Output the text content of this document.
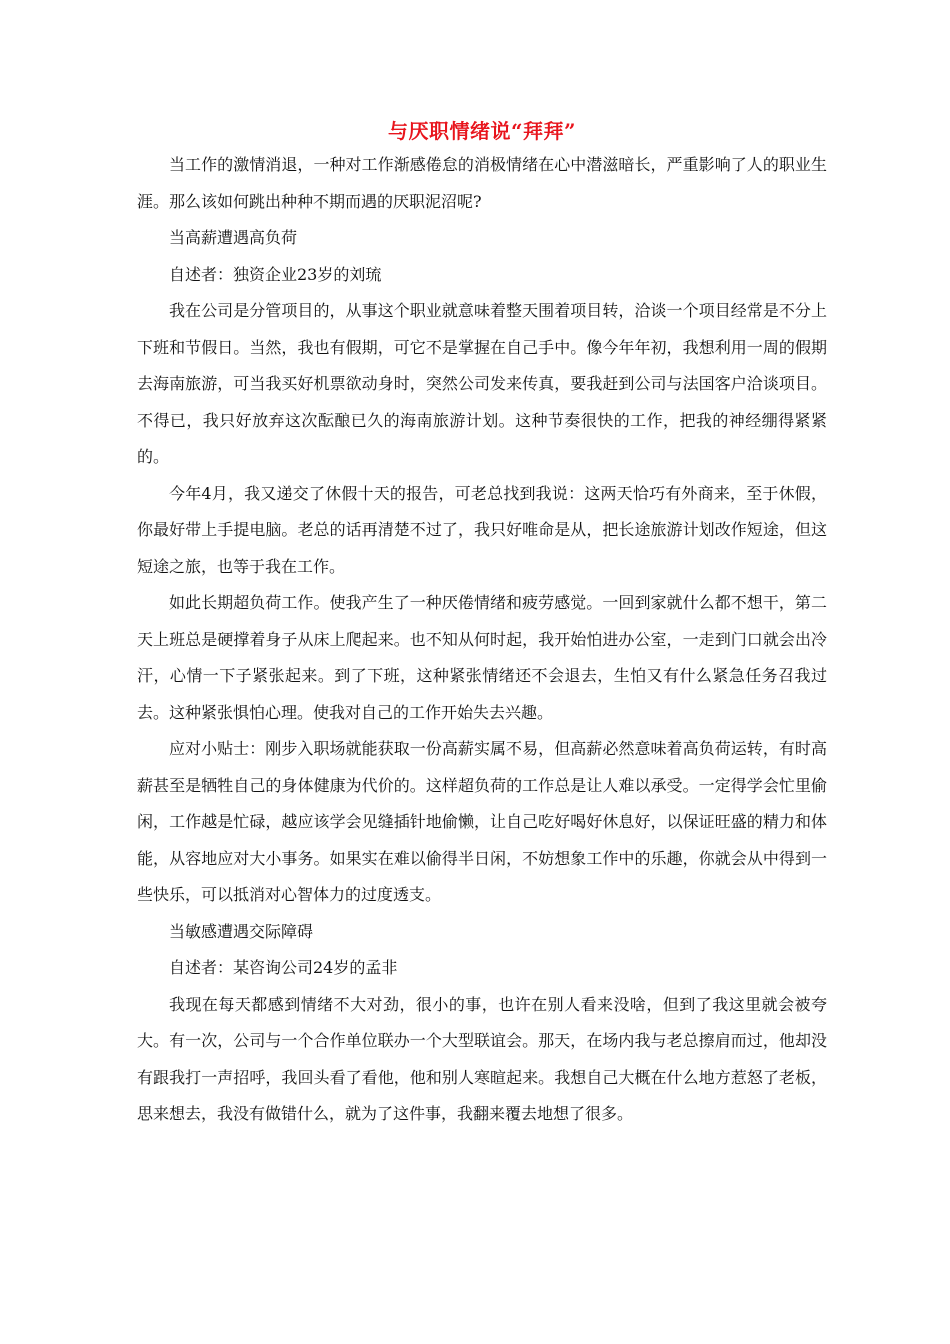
与厌职情绪说“拜拜”

当工作的激情消退，一种对工作渐感倦怠的消极情绪在心中潜滋暗长，严重影响了人的职业生涯。那么该如何跳出种种不期而遇的厌职泥沼呢?

当高薪遭遇高负荷

自述者：独资企业23岁的刘琉

我在公司是分管项目的，从事这个职业就意味着整天围着项目转，洽谈一个项目经常是不分上下班和节假日。当然，我也有假期，可它不是掌握在自己手中。像今年年初，我想利用一周的假期去海南旅游，可当我买好机票欲动身时，突然公司发来传真，要我赶到公司与法国客户洽谈项目。不得已，我只好放弃这次酝酿已久的海南旅游计划。这种节奏很快的工作，把我的神经绷得紧紧的。

今年4月，我又递交了休假十天的报告，可老总找到我说：这两天恰巧有外商来，至于休假，你最好带上手提电脑。老总的话再清楚不过了，我只好唯命是从，把长途旅游计划改作短途，但这短途之旅，也等于我在工作。

如此长期超负荷工作。使我产生了一种厌倦情绪和疲劳感觉。一回到家就什么都不想干，第二天上班总是硬撑着身子从床上爬起来。也不知从何时起，我开始怕进办公室，一走到门口就会出冷汗，心情一下子紧张起来。到了下班，这种紧张情绪还不会退去，生怕又有什么紧急任务召我过去。这种紧张惧怕心理。使我对自己的工作开始失去兴趣。

应对小贴士：刚步入职场就能获取一份高薪实属不易，但高薪必然意味着高负荷运转，有时高薪甚至是牺牲自己的身体健康为代价的。这样超负荷的工作总是让人难以承受。一定得学会忙里偷闲，工作越是忙碌，越应该学会见缝插针地偷懒，让自己吃好喝好休息好，以保证旺盛的精力和体能，从容地应对大小事务。如果实在难以偷得半日闲，不妨想象工作中的乐趣，你就会从中得到一些快乐，可以抵消对心智体力的过度透支。

当敏感遭遇交际障碍

自述者：某咨询公司24岁的孟非

我现在每天都感到情绪不大对劲，很小的事，也许在别人看来没啥，但到了我这里就会被夸大。有一次，公司与一个合作单位联办一个大型联谊会。那天，在场内我与老总擦肩而过，他却没有跟我打一声招呼，我回头看了看他，他和别人寒暄起来。我想自己大概在什么地方惹怒了老板，思来想去，我没有做错什么，就为了这件事，我翻来覆去地想了很多。
